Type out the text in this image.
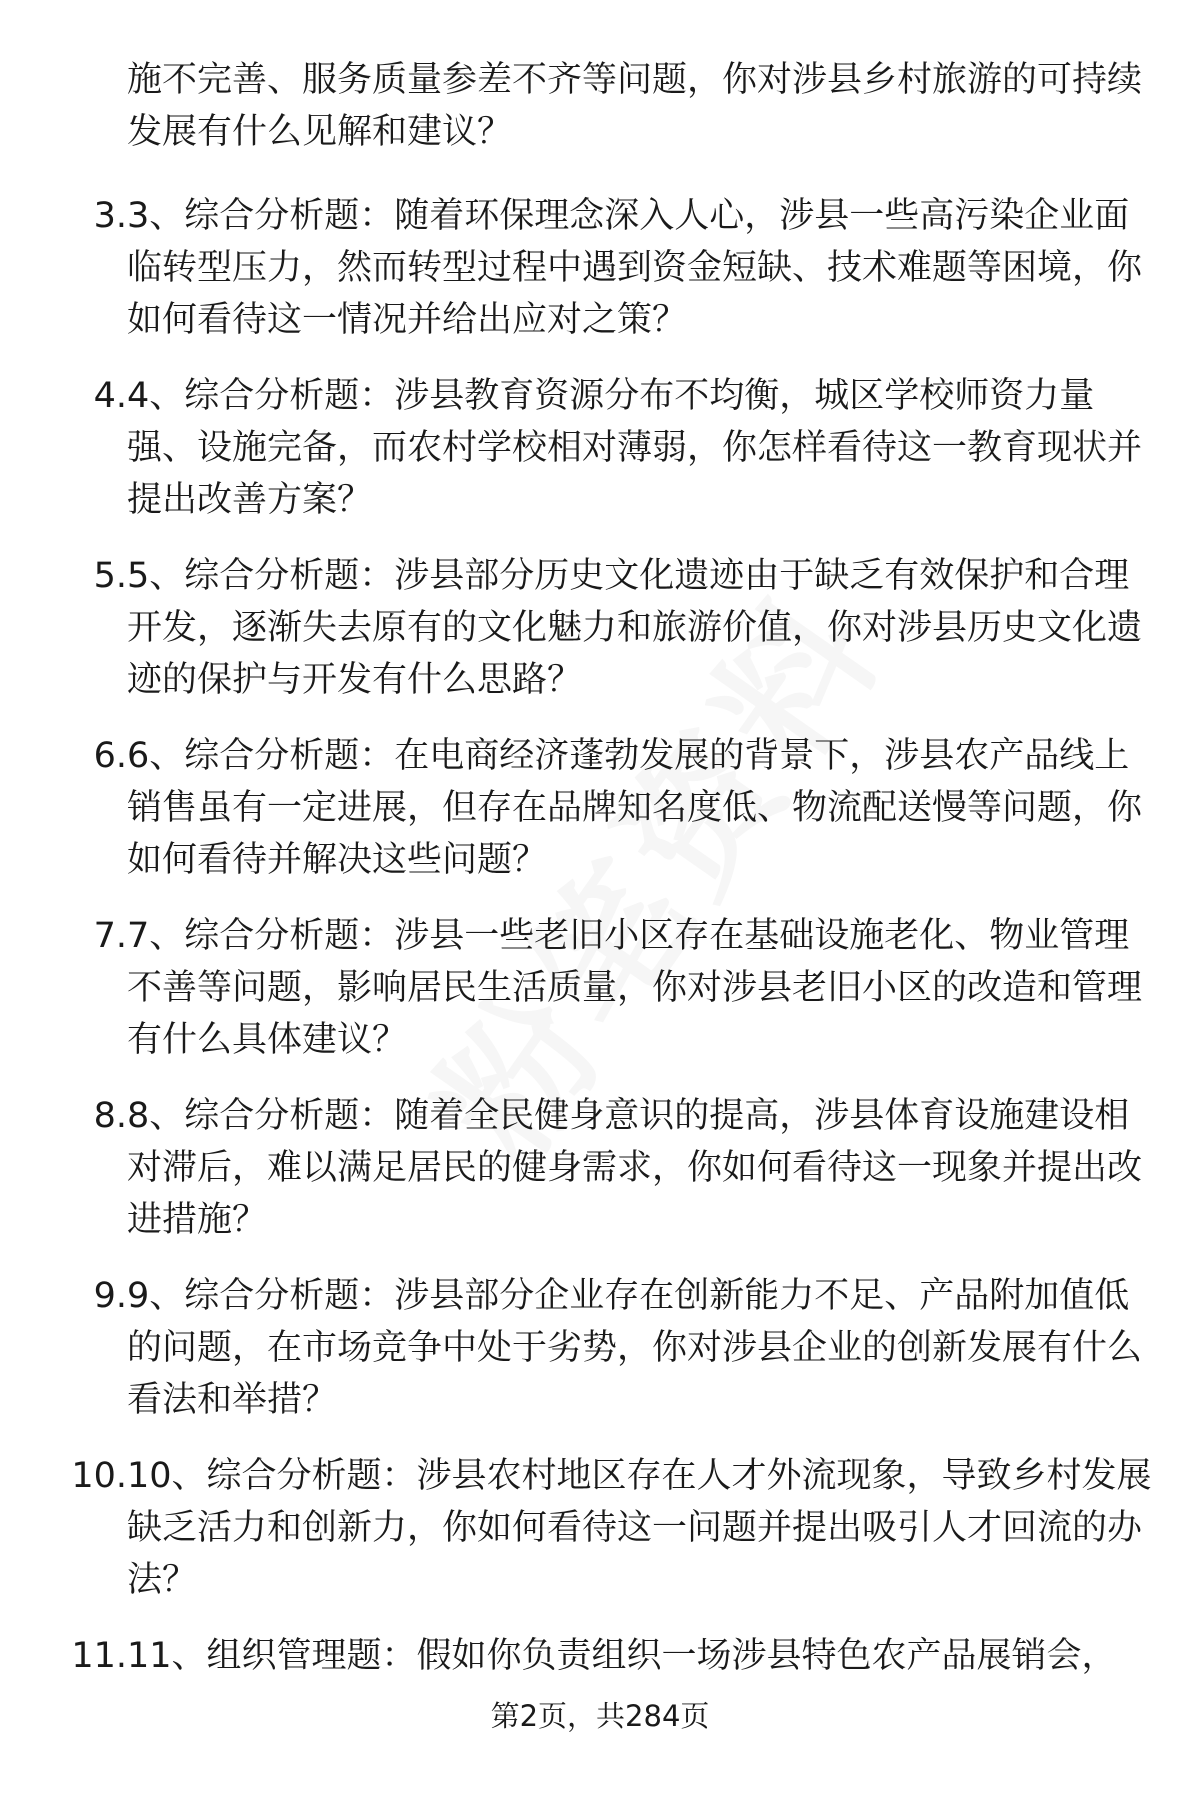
施不完善、服务质量参差不齐等问题，你对涉县乡村旅游的可持续发展有什么见解和建议？
3. 3、综合分析题：随着环保理念深入人心，涉县一些高污染企业面临转型压力，然而转型过程中遇到资金短缺、技术难题等困境，你如何看待这一情况并给出应对之策？
4. 4、综合分析题：涉县教育资源分布不均衡，城区学校师资力量强、设施完备，而农村学校相对薄弱，你怎样看待这一教育现状并提出改善方案？
5. 5、综合分析题：涉县部分历史文化遗迹由于缺乏有效保护和合理开发，逐渐失去原有的文化魅力和旅游价值，你对涉县历史文化遗迹的保护与开发有什么思路？
6. 6、综合分析题：在电商经济蓬勃发展的背景下，涉县农产品线上销售虽有一定进展，但存在品牌知名度低、物流配送慢等问题，你如何看待并解决这些问题？
7. 7、综合分析题：涉县一些老旧小区存在基础设施老化、物业管理不善等问题，影响居民生活质量，你对涉县老旧小区的改造和管理有什么具体建议？
8. 8、综合分析题：随着全民健身意识的提高，涉县体育设施建设相对滞后，难以满足居民的健身需求，你如何看待这一现象并提出改进措施？
9. 9、综合分析题：涉县部分企业存在创新能力不足、产品附加值低的问题，在市场竞争中处于劣势，你对涉县企业的创新发展有什么看法和举措？
10. 10、综合分析题：涉县农村地区存在人才外流现象，导致乡村发展缺乏活力和创新力，你如何看待这一问题并提出吸引人才回流的办法？
11. 11、组织管理题：假如你负责组织一场涉县特色农产品展销会，
第2页，共284页
